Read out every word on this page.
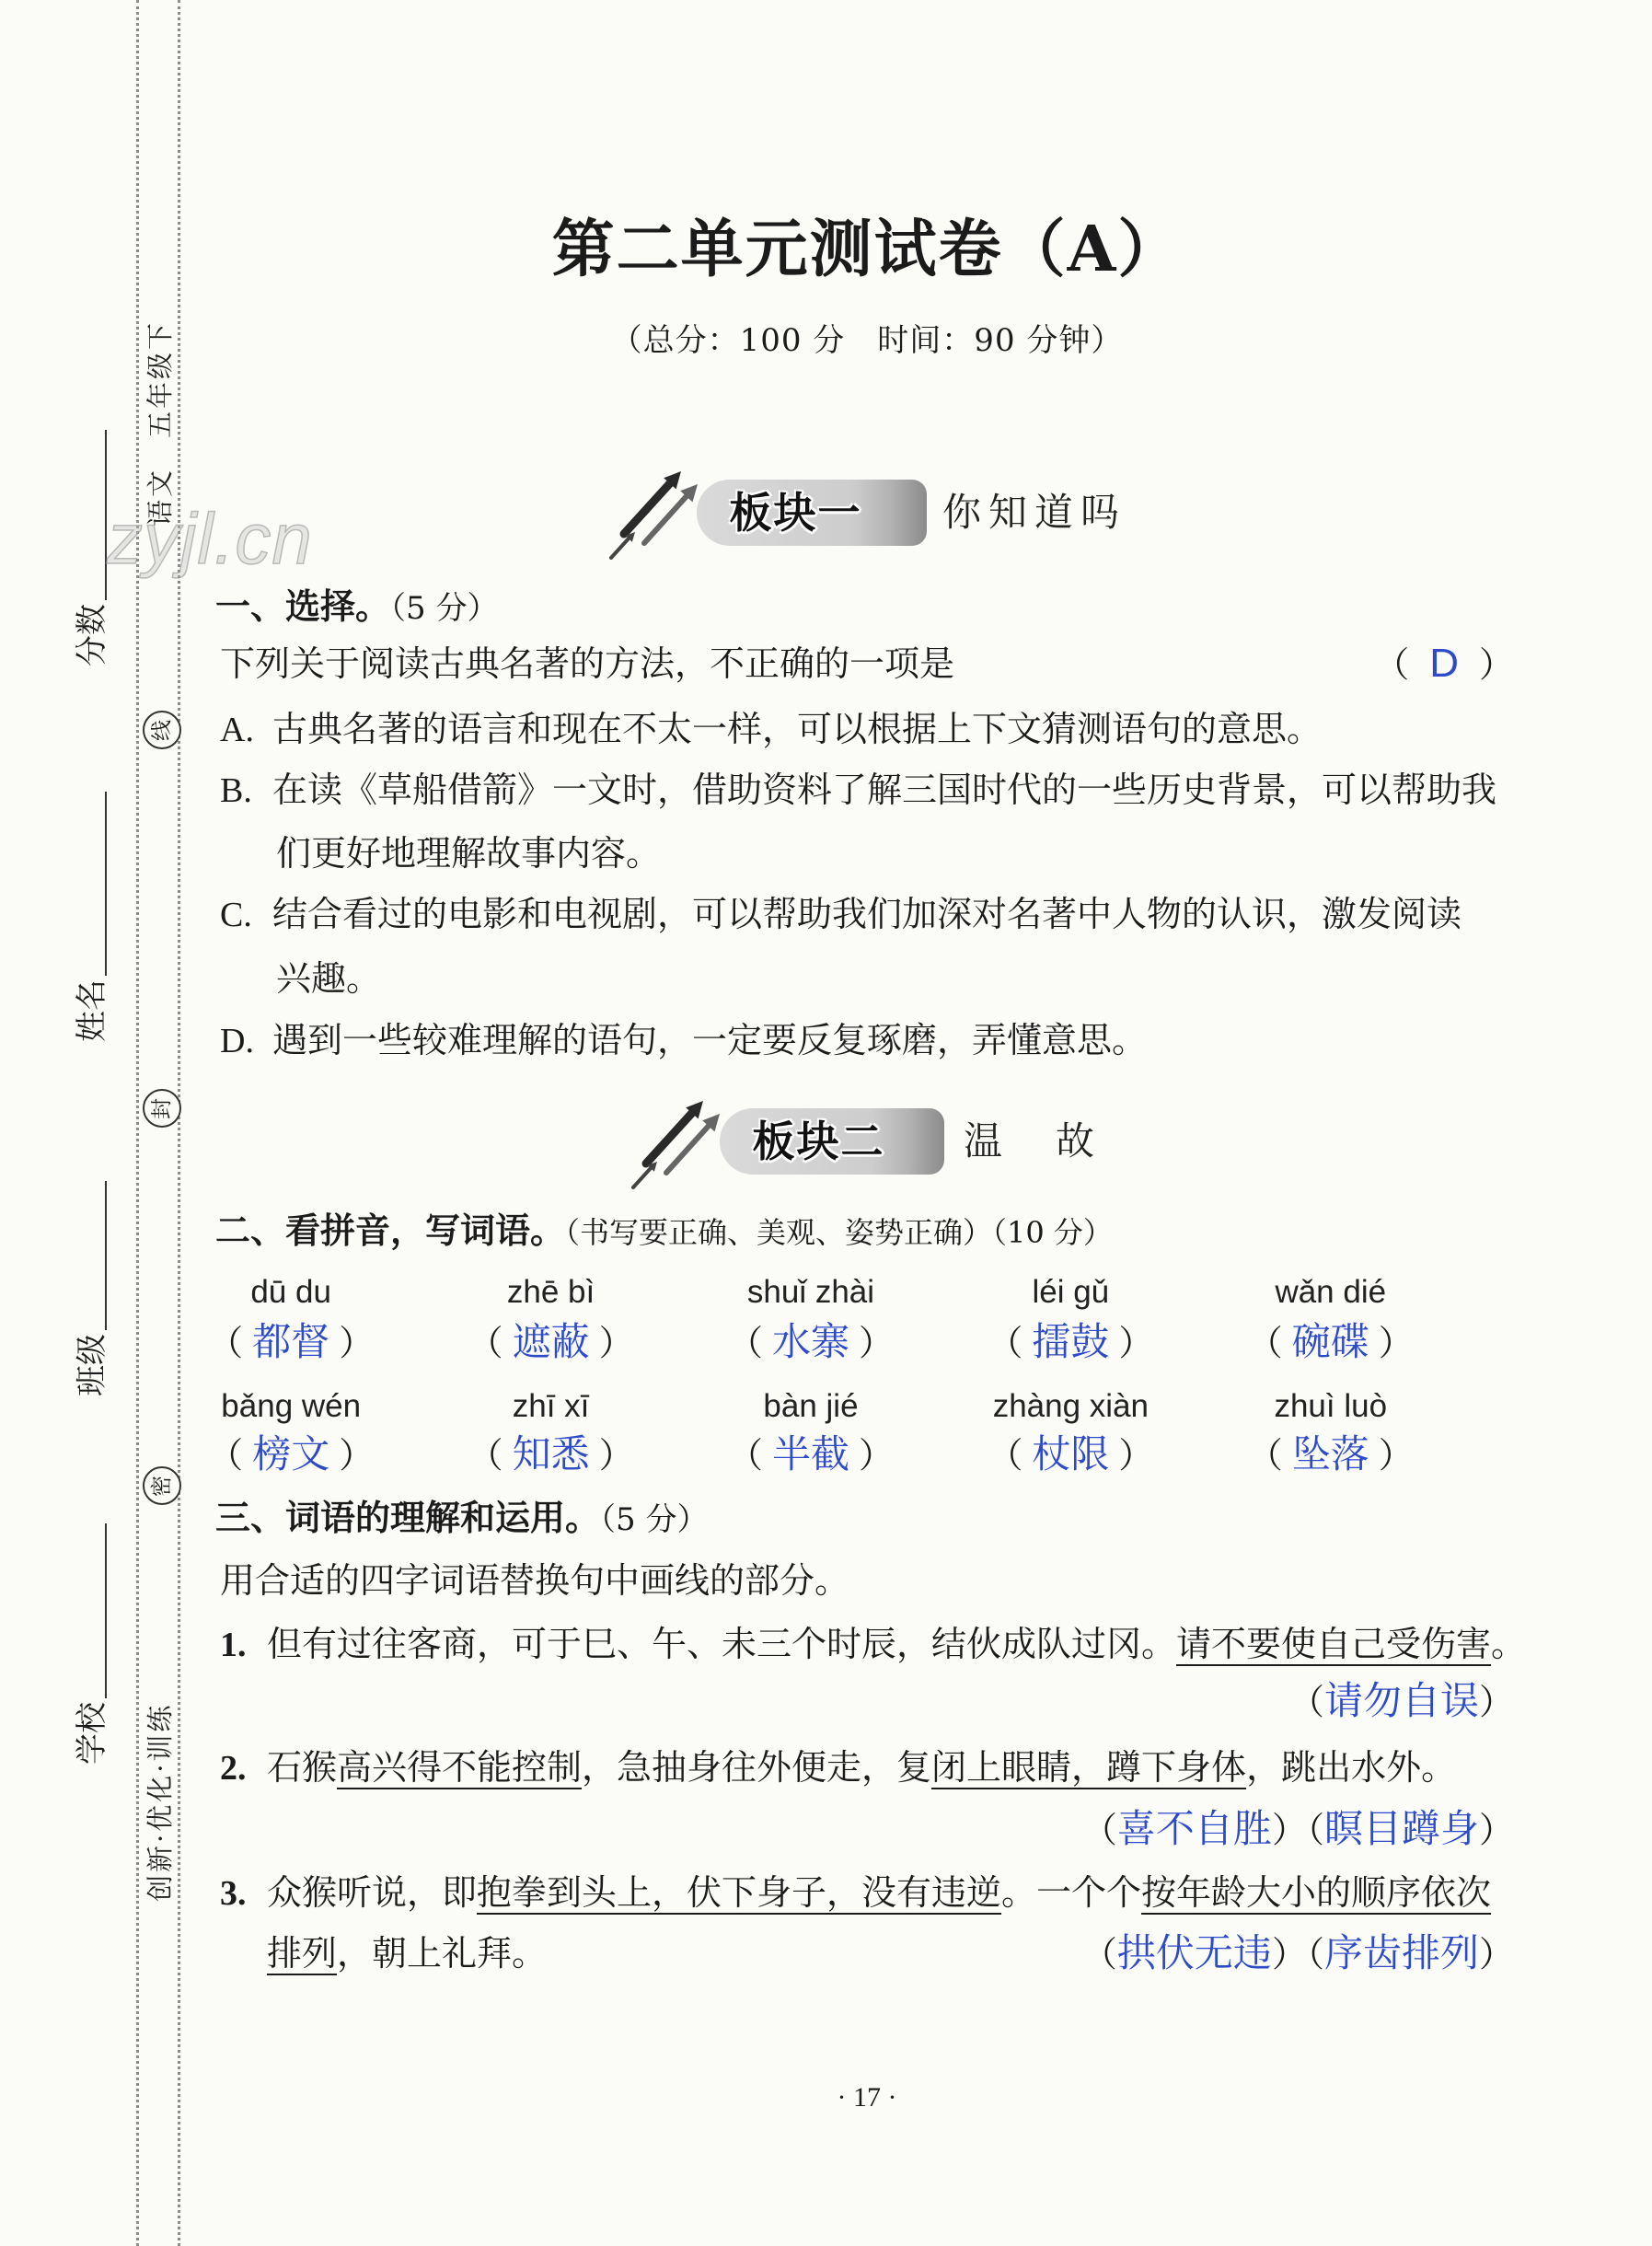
分数
姓名
班级
学校
语文　五年级下
创新·优化·训练
线
封
密
zyjl.cn
第二单元测试卷（A）
（总分：100 分　时间：90 分钟）
板块一	你知道吗
一、选择。（5 分）
下列关于阅读古典名著的方法，不正确的一项是	（ D ）
A. 古典名著的语言和现在不太一样，可以根据上下文猜测语句的意思。
B. 在读《草船借箭》一文时，借助资料了解三国时代的一些历史背景，可以帮助我
们更好地理解故事内容。
C. 结合看过的电影和电视剧，可以帮助我们加深对名著中人物的认识，激发阅读
兴趣。
D. 遇到一些较难理解的语句，一定要反复琢磨，弄懂意思。
板块二	温　故
二、看拼音，写词语。（书写要正确、美观、姿势正确）（10 分）
dū du	zhē bì	shuǐ zhài	léi gǔ	wǎn dié
（ 都督 ）	（ 遮蔽 ）	（ 水寨 ）	（ 擂鼓 ）	（ 碗碟 ）
bǎng wén	zhī xī	bàn jié	zhàng xiàn	zhuì luò
（ 榜文 ）	（ 知悉 ）	（ 半截 ）	（ 杖限 ）	（ 坠落 ）
三、词语的理解和运用。（5 分）
用合适的四字词语替换句中画线的部分。
1. 但有过往客商，可于巳、午、未三个时辰，结伙成队过冈。请不要使自己受伤害。
（请勿自误）
2. 石猴高兴得不能控制，急抽身往外便走，复闭上眼睛，蹲下身体，跳出水外。
（喜不自胜）（瞑目蹲身）
3. 众猴听说，即抱拳到头上，伏下身子，没有违逆。一个个按年龄大小的顺序依次
排列，朝上礼拜。	（拱伏无违）（序齿排列）
· 17 ·
